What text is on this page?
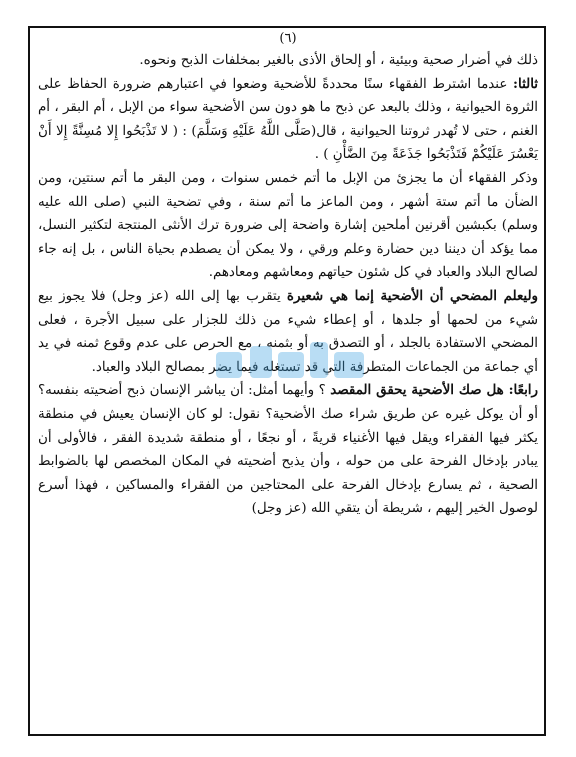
(٦)

ذلك في أضرار صحية وبيئية ، أو إلحاق الأذى بالغير بمخلفات الذبح ونحوه.

ثالثا: عندما اشترط الفقهاء سنًا محددةً للأضحية وضعوا في اعتبارهم ضرورة الحفاظ على الثروة الحيوانية ، وذلك بالبعد عن ذبح ما هو دون سن الأضحية سواء من الإبل ، أم البقر ، أم الغنم ، حتى لا تُهدر ثروتنا الحيوانية ، قال(صَلَّى اللَّهُ عَلَيْهِ وَسَلَّمَ) : ( لا تَذْبَحُوا إِلا مُسِنَّةً إِلا أَنْ يَعْسُرَ عَلَيْكُمْ فَتَذْبَحُوا جَذَعَةً مِنَ الضَّأْنِ ) .

وذكر الفقهاء أن ما يجزئ من الإبل ما أتم خمس سنوات ، ومن البقر ما أتم سنتين، ومن الضأن ما أتم ستة أشهر ، ومن الماعز ما أتم سنة ، وفي تضحية النبي (صلى الله عليه وسلم) بكبشين أقرنين أملحين إشارة واضحة إلى ضرورة ترك الأنثى المنتجة لتكثير النسل، مما يؤكد أن ديننا دين حضارة وعلم ورقي ، ولا يمكن أن يصطدم بحياة الناس ، بل إنه جاء لصالح البلاد والعباد في كل شئون حياتهم ومعاشهم ومعادهم.

وليعلم المضحي أن الأضحية إنما هي شعيرة يتقرب بها إلى الله (عز وجل) فلا يجوز بيع شيء من لحمها أو جلدها ، أو إعطاء شيء من ذلك للجزار على سبيل الأجرة ، فعلى المضحي الاستفادة بالجلد ، أو التصدق به أو بثمنه ، مع الحرص على عدم وقوع ثمنه في يد أي جماعة من الجماعات المتطرفة التي قد تستغله فيما يضر بمصالح البلاد والعباد.

رابعًا: هل صك الأضحية يحقق المقصد ؟ وأيهما أمثل: أن يباشر الإنسان ذبح أضحيته بنفسه؟ أو أن يوكل غيره عن طريق شراء صك الأضحية؟ نقول: لو كان الإنسان يعيش في منطقة يكثر فيها الفقراء ويقل فيها الأغنياء قريةً ، أو نجعًا ، أو منطقة شديدة الفقر ، فالأولى أن يبادر بإدخال الفرحة على من حوله ، وأن يذبح أضحيته في المكان المخصص لها بالضوابط الصحية ، ثم يسارع بإدخال الفرحة على المحتاجين من الفقراء والمساكين ، فهذا أسرع لوصول الخير إليهم ، شريطة أن يتقي الله (عز وجل)
